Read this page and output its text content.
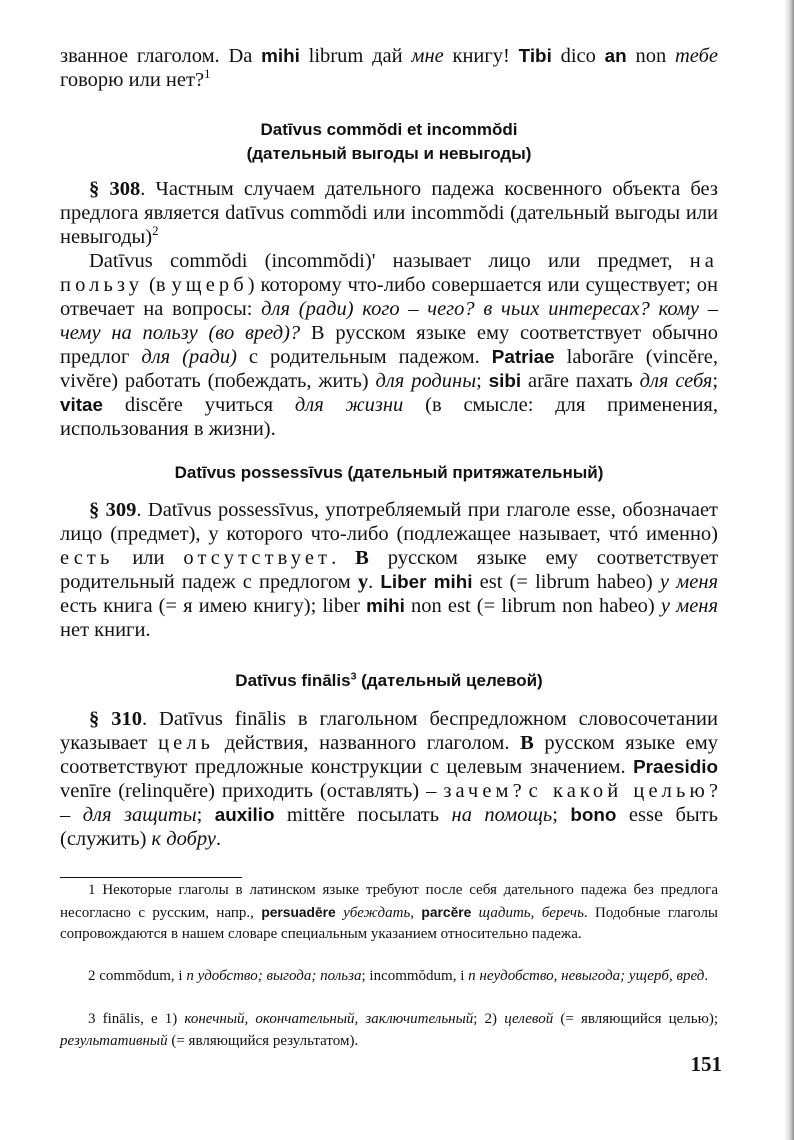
званное глаголом. Da mihi librum дай мне книгу! Tibi dico an non тебе говорю или нет?$^1$
Datīvus commŏdi et incommŏdi
(дательный выгоды и невыгоды)
§ 308. Частным случаем дательного падежа косвенного объекта без предлога является datīvus commŏdi или incommŏdi (дательный выгоды или невыгоды)$^2$
Datīvus commŏdi (incommŏdi)' называет лицо или предмет, на пользу (в ущерб) которому что-либо совершается или существует; он отвечает на вопросы: для (ради) кого – чего? в чьих интересах? кому – чему на пользу (во вред)? В русском языке ему соответствует обычно предлог для (ради) с родительным падежом. Patriae laborāre (vincĕre, vivĕre) работать (побеждать, жить) для родины; sibi arāre пахать для себя; vitae discĕre учиться для жизни (в смысле: для применения, использования в жизни).
Datīvus possessīvus (дательный притяжательный)
§ 309. Datīvus possessīvus, употребляемый при глаголе esse, обозначает лицо (предмет), у которого что-либо (подлежащее называет, чтó именно) есть или отсутствует. В русском языке ему соответствует родительный падеж с предлогом у. Liber mihi est (= librum habeo) у меня есть книга (= я имею книгу); liber mihi non est (= librum non habeo) у меня нет книги.
Datīvus finālis$^3$ (дательный целевой)
§ 310. Datīvus finālis в глагольном беспредложном словосочетании указывает цель действия, названного глаголом. В русском языке ему соответствуют предложные конструкции с целевым значением. Praesidio venīre (relinquĕre) приходить (оставлять) – зачем? с какой целью? – для защиты; auxilio mittĕre посылать на помощь; bono esse быть (служить) к добру.
1 Некоторые глаголы в латинском языке требуют после себя дательного падежа без предлога несогласно с русским, напр., persuadēre убеждать, parcĕre щадить, беречь. Подобные глаголы сопровождаются в нашем словаре специальным указанием относительно падежа.
2 commŏdum, i n удобство; выгода; польза; incommŏdum, i n неудобство, невыгода; ущерб, вред.
3 finālis, e 1) конечный, окончательный, заключительный; 2) целевой (= являющийся целью); результативный (= являющийся результатом).
151
